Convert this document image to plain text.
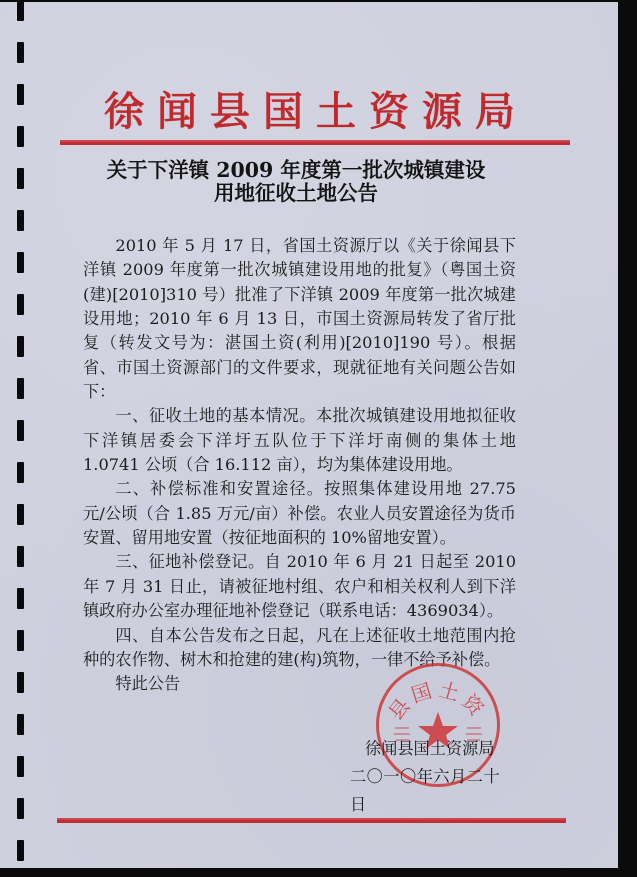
徐闻县国土资源局
关于下洋镇 2009 年度第一批次城镇建设
用地征收土地公告

2010 年 5 月 17 日，省国土资源厅以《关于徐闻县下洋镇 2009 年度第一批次城镇建设用地的批复》（粤国土资(建)[2010]310 号）批准了下洋镇 2009 年度第一批次城建设用地；2010 年 6 月 13 日，市国土资源局转发了省厅批复（转发文号为：湛国土资(利用)[2010]190 号）。根据省、市国土资源部门的文件要求，现就征地有关问题公告如下：

一、征收土地的基本情况。本批次城镇建设用地拟征收下洋镇居委会下洋圩五队位于下洋圩南侧的集体土地 1.0741 公顷（合 16.112 亩），均为集体建设用地。

二、补偿标准和安置途径。按照集体建设用地 27.75 元/公顷（合 1.85 万元/亩）补偿。农业人员安置途径为货币安置、留用地安置（按征地面积的 10%留地安置）。

三、征地补偿登记。自 2010 年 6 月 21 日起至 2010 年 7 月 31 日止，请被征地村组、农户和相关权利人到下洋镇政府办公室办理征地补偿登记（联系电话：4369034）。

四、自本公告发布之日起，凡在上述征收土地范围内抢种的农作物、树木和抢建的建(构)筑物，一律不给予补偿。

特此公告

县国土资
徐闻县国土资源局
二〇一〇年六月二十日
